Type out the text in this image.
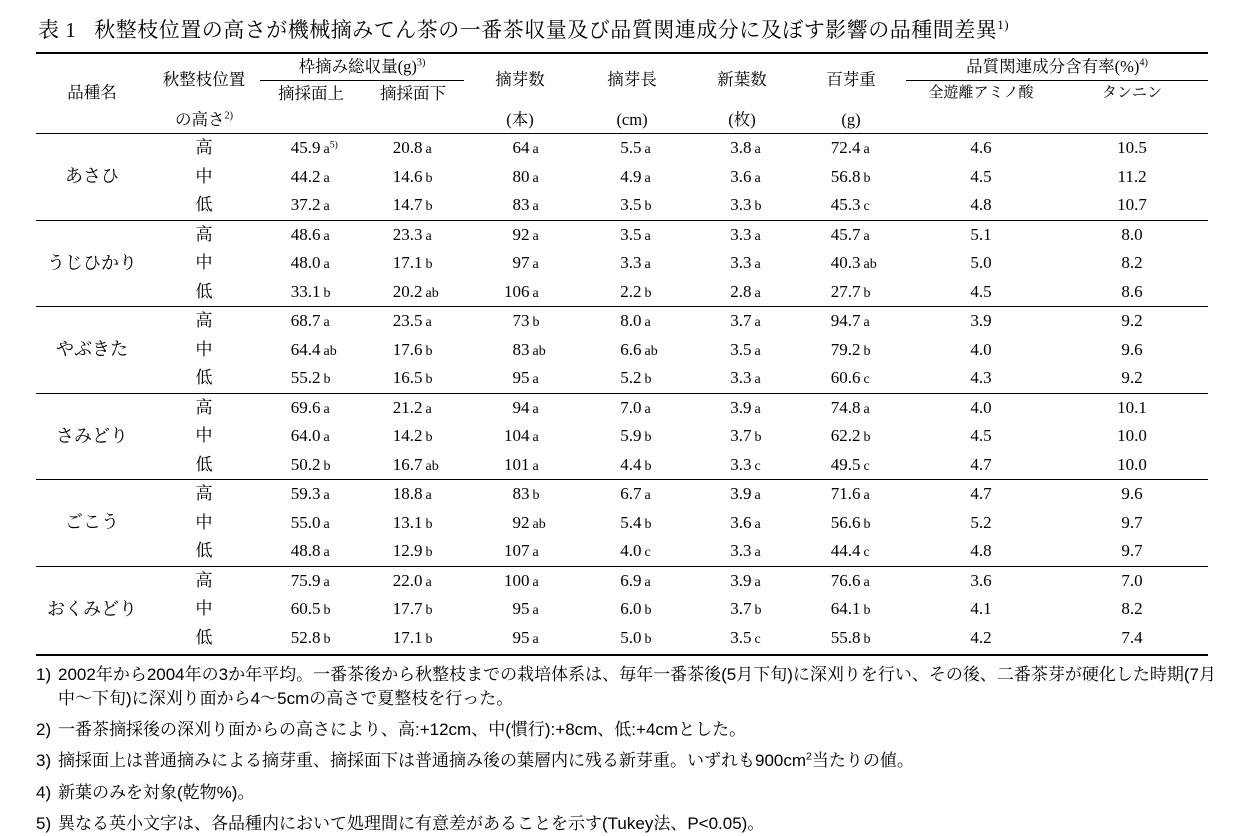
表 1 秋整枝位置の高さが機械摘みてん茶の一番茶収量及び品質関連成分に及ぼす影響の品種間差異$^{1)}$
品種名	秋整枝位置	枠摘み総収量$(g)^{3)}$		摘芽数	摘芽長	新葉数	百芽重	品質関連成分含有率(%)$^{4)}$
		摘採面上	摘採面下					全遊離アミノ酸	タンニン
	の高さ$^{2)}$			(本)	(cm)	(枚)	(g)		
あさひ	高	45.9 $a^{5)}$	20.8 a	64 a	5.5 a	3.8 a	72.4 a	4.6	10.5
	中	44.2 a	14.6 b	80 a	4.9 a	3.6 a	56.8 b	4.5	11.2
	低	37.2 a	14.7 b	83 a	3.5 b	3.3 b	45.3 c	4.8	10.7
うじひかり	高	48.6 a	23.3 a	92 a	3.5 a	3.3 a	45.7 a	5.1	8.0
	中	48.0 a	17.1 b	97 a	3.3 a	3.3 a	40.3 ab	5.0	8.2
	低	33.1 b	20.2 ab	106 a	2.2 b	2.8 a	27.7 b	4.5	8.6
やぶきた	高	68.7 a	23.5 a	73 b	8.0 a	3.7 a	94.7 a	3.9	9.2
	中	64.4 ab	17.6 b	83 ab	6.6 ab	3.5 a	79.2 b	4.0	9.6
	低	55.2 b	16.5 b	95 a	5.2 b	3.3 a	60.6 c	4.3	9.2
さみどり	高	69.6 a	21.2 a	94 a	7.0 a	3.9 a	74.8 a	4.0	10.1
	中	64.0 a	14.2 b	104 a	5.9 b	3.7 b	62.2 b	4.5	10.0
	低	50.2 b	16.7 ab	101 a	4.4 b	3.3 c	49.5 c	4.7	10.0
ごこう	高	59.3 a	18.8 a	83 b	6.7 a	3.9 a	71.6 a	4.7	9.6
	中	55.0 a	13.1 b	92 ab	5.4 b	3.6 a	56.6 b	5.2	9.7
	低	48.8 a	12.9 b	107 a	4.0 c	3.3 a	44.4 c	4.8	9.7
おくみどり	高	75.9 a	22.0 a	100 a	6.9 a	3.9 a	76.6 a	3.6	7.0
	中	60.5 b	17.7 b	95 a	6.0 b	3.7 b	64.1 b	4.1	8.2
	低	52.8 b	17.1 b	95 a	5.0 b	3.5 c	55.8 b	4.2	7.4

1) 2002年から2004年の3か年平均。一番茶後から秋整枝までの栽培体系は、毎年一番茶後(5月下旬)に深刈りを行い、その後、二番茶芽が硬化した時期(7月中〜下旬)に深刈り面から4〜5cmの高さで夏整枝を行った。

2) 一番茶摘採後の深刈り面からの高さにより、高:+12cm、中(慣行):+8cm、低:+4cmとした。

3) 摘採面上は普通摘みによる摘芽重、摘採面下は普通摘み後の葉層内に残る新芽重。いずれも$900cm^2$当たりの値。

4) 新葉のみを対象(乾物%)。

5) 異なる英小文字は、各品種内において処理間に有意差があることを示す(Tukey法、P<0.05)。
